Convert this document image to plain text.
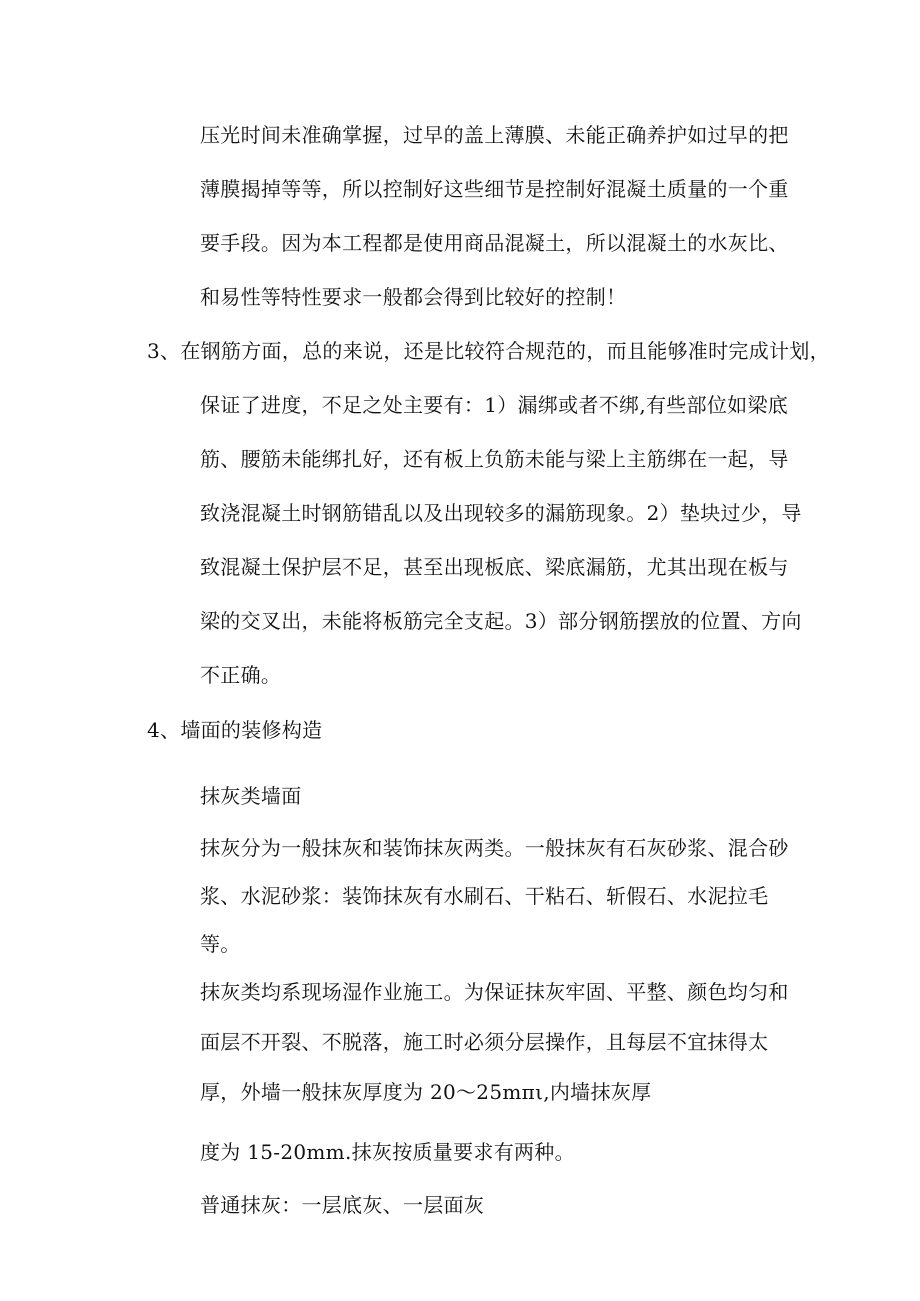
压光时间未准确掌握，过早的盖上薄膜、未能正确养护如过早的把
薄膜揭掉等等，所以控制好这些细节是控制好混凝土质量的一个重
要手段。因为本工程都是使用商品混凝土，所以混凝土的水灰比、
和易性等特性要求一般都会得到比较好的控制！
3、在钢筋方面，总的来说，还是比较符合规范的，而且能够准时完成计划，
保证了进度，不足之处主要有：1）漏绑或者不绑,有些部位如梁底
筋、腰筋未能绑扎好，还有板上负筋未能与梁上主筋绑在一起，导
致浇混凝土时钢筋错乱以及出现较多的漏筋现象。2）垫块过少，导
致混凝土保护层不足，甚至出现板底、梁底漏筋，尤其出现在板与
梁的交叉出，未能将板筋完全支起。3）部分钢筋摆放的位置、方向
不正确。
4、墙面的装修构造
抹灰类墙面
抹灰分为一般抹灰和装饰抹灰两类。一般抹灰有石灰砂浆、混合砂
浆、水泥砂浆：装饰抹灰有水刷石、干粘石、斩假石、水泥拉毛
等。
抹灰类均系现场湿作业施工。为保证抹灰牢固、平整、颜色均匀和
面层不开裂、不脱落，施工时必须分层操作，且每层不宜抹得太
厚，外墙一般抹灰厚度为 20～25mπι,内墙抹灰厚
度为 15-20mm.抹灰按质量要求有两种。
普通抹灰：一层底灰、一层面灰
